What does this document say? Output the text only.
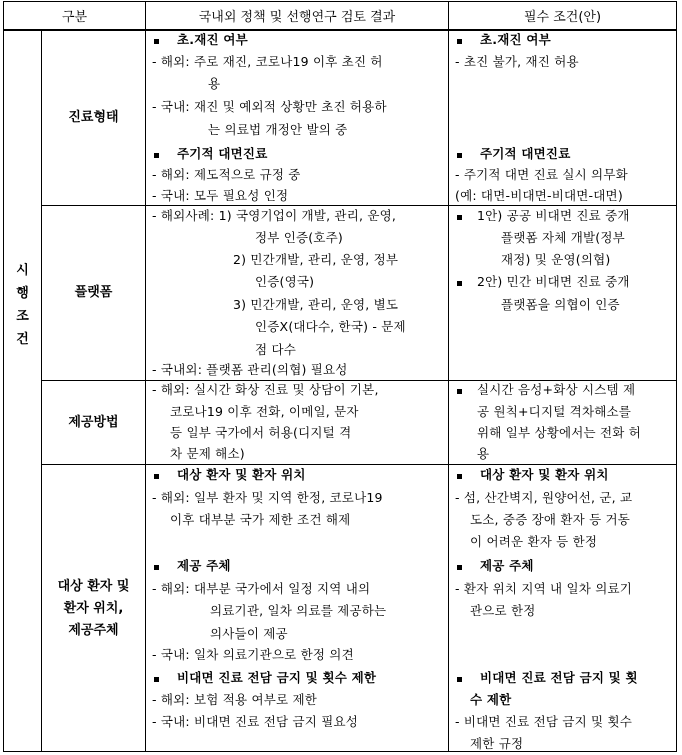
구분	국내외 정책 및 선행연구 검토 결과	필수 조건(안)
시
행
조
건
진료형태
초.재진 여부
- 해외: 주로 재진, 코로나19 이후 초진 허
용
- 국내: 재진 및 예외적 상황만 초진 허용하
는 의료법 개정안 발의 중
주기적 대면진료
- 해외: 제도적으로 규정 중
- 국내: 모두 필요성 인정
초.재진 여부
- 초진 불가, 재진 허용
주기적 대면진료
- 주기적 대면 진료 실시 의무화
(예: 대면-비대면-비대면-대면)
플랫폼
- 해외사례: 1) 국영기업이 개발, 관리, 운영,
정부 인증(호주)
2) 민간개발, 관리, 운영, 정부
인증(영국)
3) 민간개발, 관리, 운영, 별도
인증X(대다수, 한국) - 문제
점 다수
- 국내외: 플랫폼 관리(의협) 필요성
1안) 공공 비대면 진료 중개
플랫폼 자체 개발(정부
재정) 및 운영(의협)
2안) 민간 비대면 진료 중개
플랫폼을 의협이 인증
제공방법
- 해외: 실시간 화상 진료 및 상담이 기본,
코로나19 이후 전화, 이메일, 문자
등 일부 국가에서 허용(디지털 격
차 문제 해소)
실시간 음성+화상 시스템 제
공 원칙+디지털 격차해소를
위해 일부 상황에서는 전화 허
용
대상 환자 및
환자 위치,
제공주체
대상 환자 및 환자 위치
- 해외: 일부 환자 및 지역 한정, 코로나19
이후 대부분 국가 제한 조건 해제
제공 주체
- 해외: 대부분 국가에서 일정 지역 내의
의료기관, 일차 의료를 제공하는
의사들이 제공
- 국내: 일차 의료기관으로 한정 의견
비대면 진료 전담 금지 및 횟수 제한
- 해외: 보험 적용 여부로 제한
- 국내: 비대면 진료 전담 금지 필요성
대상 환자 및 환자 위치
- 섬, 산간벽지, 원양어선, 군, 교
도소, 중증 장애 환자 등 거동
이 어려운 환자 등 한정
제공 주체
- 환자 위치 지역 내 일차 의료기
관으로 한정
비대면 진료 전담 금지 및 횟
수 제한
- 비대면 진료 전담 금지 및 횟수
제한 규정
